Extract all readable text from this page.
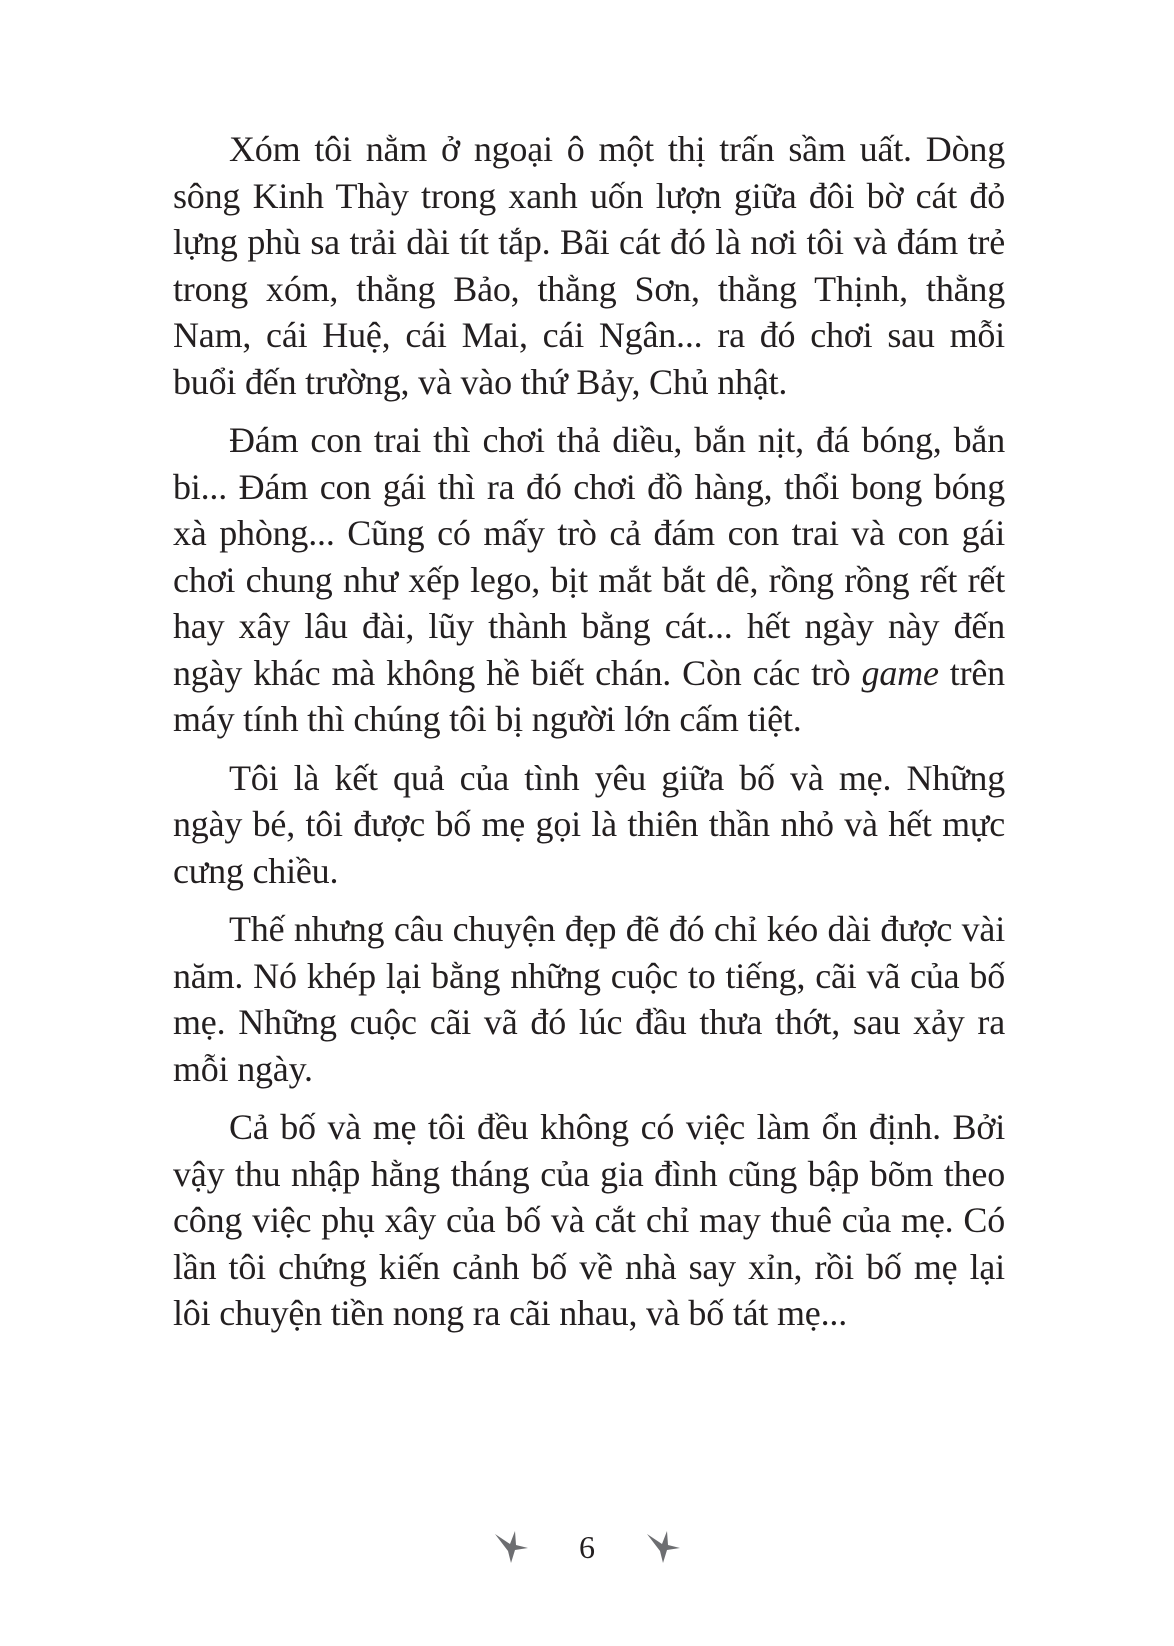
Xóm tôi nằm ở ngoại ô một thị trấn sầm uất. Dòng sông Kinh Thày trong xanh uốn lượn giữa đôi bờ cát đỏ lựng phù sa trải dài tít tắp. Bãi cát đó là nơi tôi và đám trẻ trong xóm, thằng Bảo, thằng Sơn, thằng Thịnh, thằng Nam, cái Huệ, cái Mai, cái Ngân... ra đó chơi sau mỗi buổi đến trường, và vào thứ Bảy, Chủ nhật.

Đám con trai thì chơi thả diều, bắn nịt, đá bóng, bắn bi... Đám con gái thì ra đó chơi đồ hàng, thổi bong bóng xà phòng... Cũng có mấy trò cả đám con trai và con gái chơi chung như xếp lego, bịt mắt bắt dê, rồng rồng rết rết hay xây lâu đài, lũy thành bằng cát... hết ngày này đến ngày khác mà không hề biết chán. Còn các trò game trên máy tính thì chúng tôi bị người lớn cấm tiệt.

Tôi là kết quả của tình yêu giữa bố và mẹ. Những ngày bé, tôi được bố mẹ gọi là thiên thần nhỏ và hết mực cưng chiều.

Thế nhưng câu chuyện đẹp đẽ đó chỉ kéo dài được vài năm. Nó khép lại bằng những cuộc to tiếng, cãi vã của bố mẹ. Những cuộc cãi vã đó lúc đầu thưa thớt, sau xảy ra mỗi ngày.

Cả bố và mẹ tôi đều không có việc làm ổn định. Bởi vậy thu nhập hằng tháng của gia đình cũng bập bõm theo công việc phụ xây của bố và cắt chỉ may thuê của mẹ. Có lần tôi chứng kiến cảnh bố về nhà say xỉn, rồi bố mẹ lại lôi chuyện tiền nong ra cãi nhau, và bố tát mẹ...

6
